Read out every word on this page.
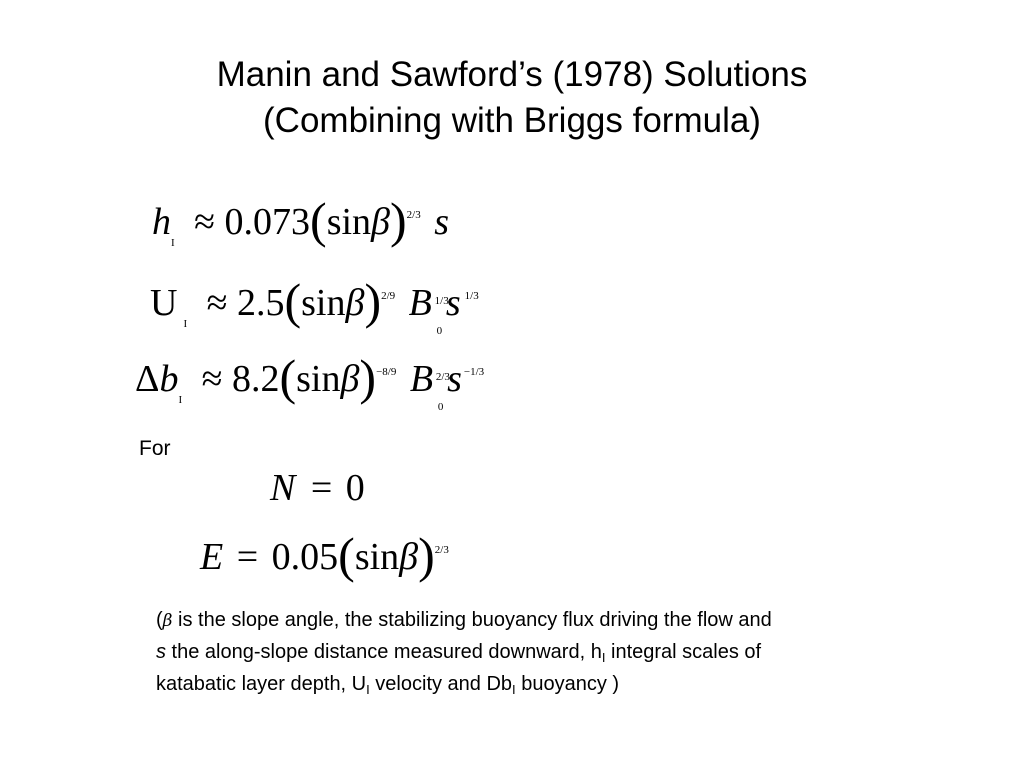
Manin and Sawford’s (1978) Solutions
(Combining with Briggs formula)
$h_I \approx 0.073(\sin\beta)^{2/3}$ s
U $_I \approx 2.5(\sin\beta)^{2/9}$ B 1/3
0
s $^{1/3}$
$\Delta b_I \approx 8.2(\sin\beta)^{-8/9}$ B 2/3
0
s $^{-1/3}$
For
N = 0
$E = 0.05(\sin\beta)^{2/3}$
(β is the slope angle, the stabilizing buoyancy flux driving the flow and s the along-slope distance measured downward, $h_I$ integral scales of katabatic layer depth, $U_I$ velocity and $Db_I$ buoyancy )
